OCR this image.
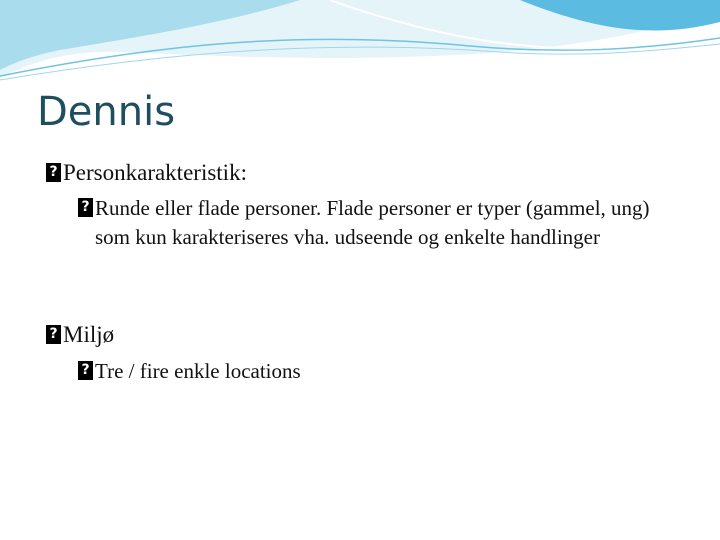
Dennis
? Personkarakteristik:
? Runde eller flade personer. Flade personer er typer (gammel, ung) som kun karakteriseres vha. udseende og enkelte handlinger
? Miljø
? Tre / fire enkle locations
